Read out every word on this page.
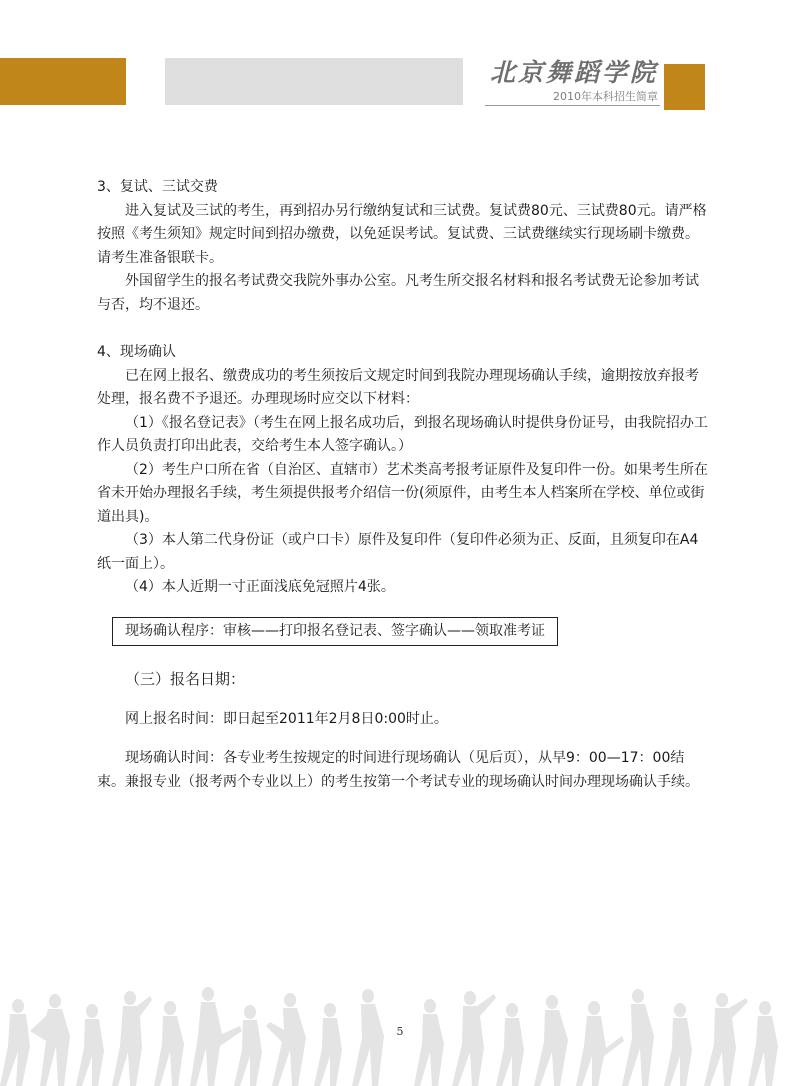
北京舞蹈学院
2010年本科招生简章

3、复试、三试交费

进入复试及三试的考生，再到招办另行缴纳复试和三试费。复试费80元、三试费80元。请严格按照《考生须知》规定时间到招办缴费，以免延误考试。复试费、三试费继续实行现场刷卡缴费。请考生准备银联卡。

外国留学生的报名考试费交我院外事办公室。凡考生所交报名材料和报名考试费无论参加考试与否，均不退还。

4、现场确认

已在网上报名、缴费成功的考生须按后文规定时间到我院办理现场确认手续，逾期按放弃报考处理，报名费不予退还。办理现场时应交以下材料：

（1）《报名登记表》（考生在网上报名成功后，到报名现场确认时提供身份证号，由我院招办工作人员负责打印出此表，交给考生本人签字确认。）

（2）考生户口所在省（自治区、直辖市）艺术类高考报考证原件及复印件一份。如果考生所在省未开始办理报名手续，考生须提供报考介绍信一份(须原件，由考生本人档案所在学校、单位或街道出具)。

（3）本人第二代身份证（或户口卡）原件及复印件（复印件必须为正、反面，且须复印在A4纸一面上）。

（4）本人近期一寸正面浅底免冠照片4张。

现场确认程序：审核——打印报名登记表、签字确认——领取准考证

（三）报名日期：

网上报名时间：即日起至2011年2月8日0:00时止。

现场确认时间：各专业考生按规定的时间进行现场确认（见后页），从早9：00—17：00结束。兼报专业（报考两个专业以上）的考生按第一个考试专业的现场确认时间办理现场确认手续。

5
